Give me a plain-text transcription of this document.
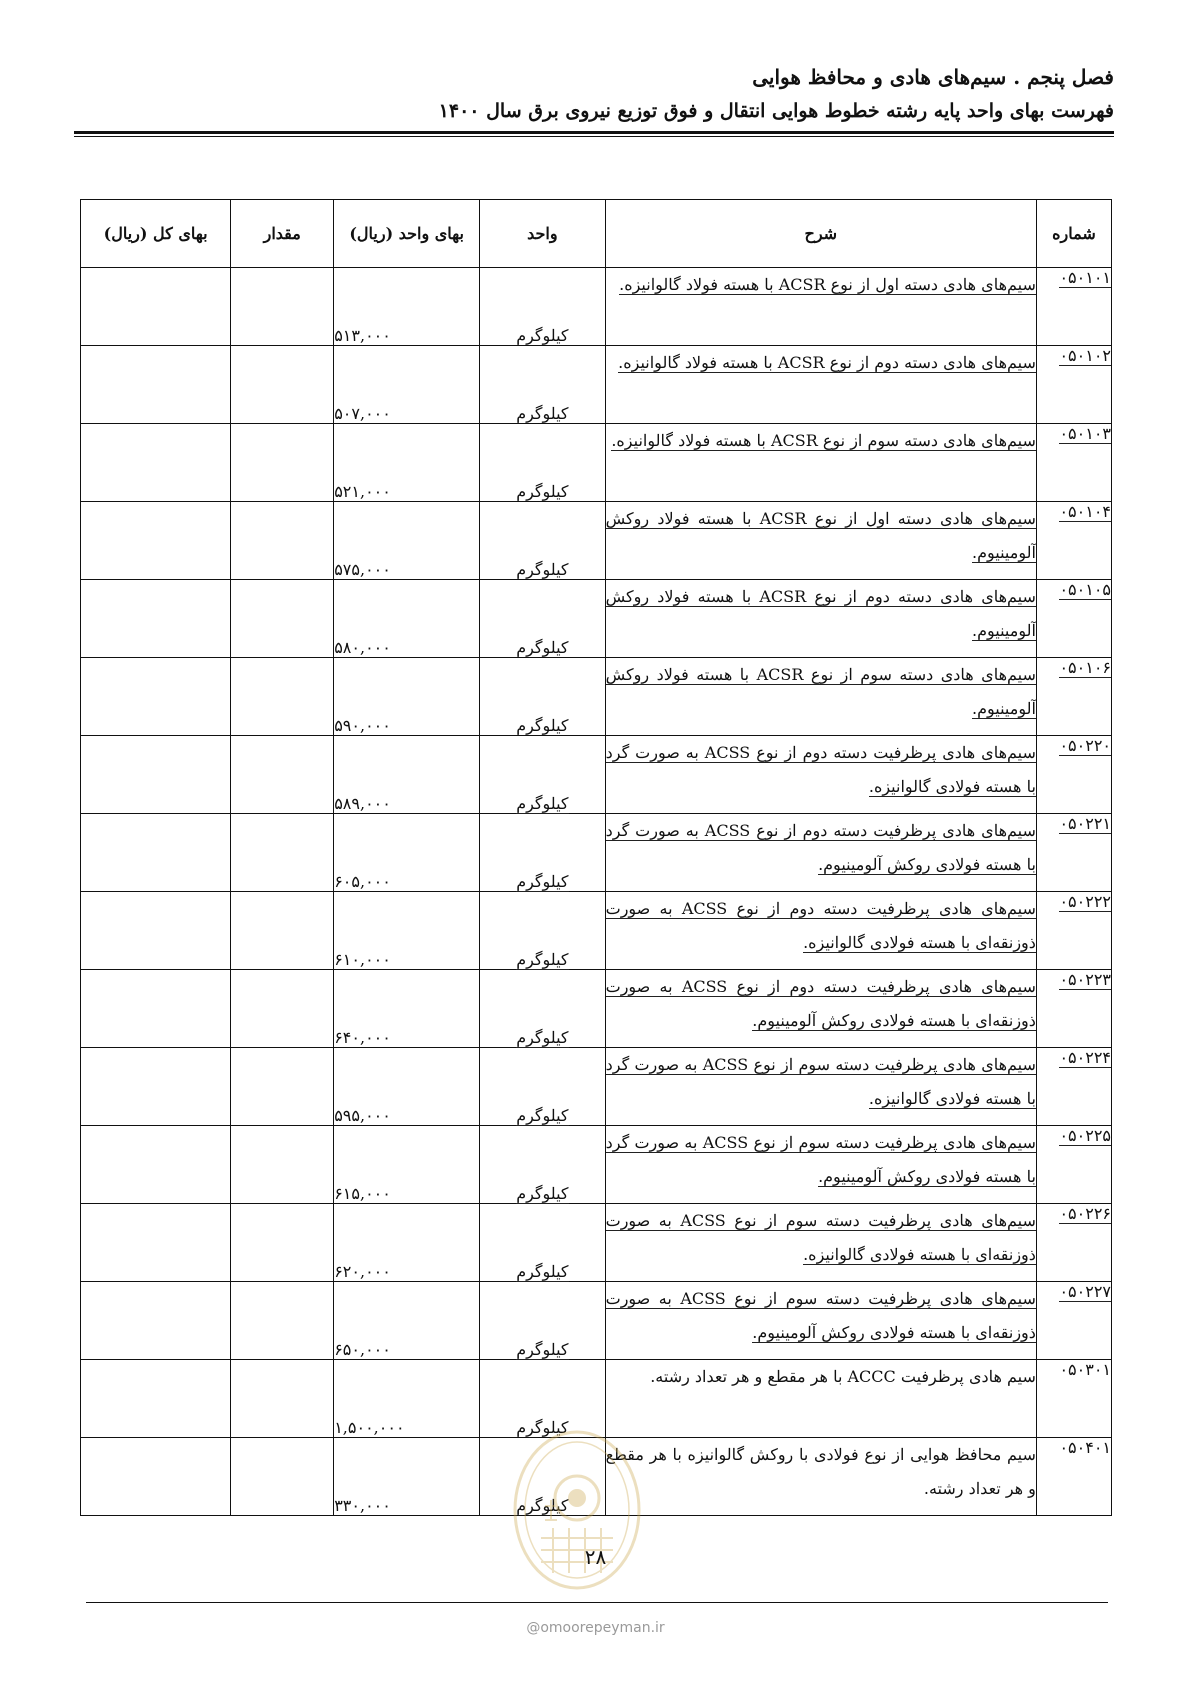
فصل پنجم . سیم‌های هادی و محافظ هوایی
فهرست بهای واحد پایه رشته خطوط هوایی انتقال و فوق توزیع نیروی برق سال ۱۴۰۰
شماره	شرح	واحد	بهای واحد (ریال)	مقدار	بهای کل (ریال)
۰۵۰۱۰۱	سیم‌های هادی دسته اول از نوع ACSR با هسته فولاد گالوانیزه.	کیلوگرم	۵۱۳,۰۰۰		
۰۵۰۱۰۲	سیم‌های هادی دسته دوم از نوع ACSR با هسته فولاد گالوانیزه.	کیلوگرم	۵۰۷,۰۰۰		
۰۵۰۱۰۳	سیم‌های هادی دسته سوم از نوع ACSR با هسته فولاد گالوانیزه.	کیلوگرم	۵۲۱,۰۰۰		
۰۵۰۱۰۴	سیم‌های هادی دسته اول از نوع ACSR با هسته فولاد روکش آلومینیوم.	کیلوگرم	۵۷۵,۰۰۰		
۰۵۰۱۰۵	سیم‌های هادی دسته دوم از نوع ACSR با هسته فولاد روکش آلومینیوم.	کیلوگرم	۵۸۰,۰۰۰		
۰۵۰۱۰۶	سیم‌های هادی دسته سوم از نوع ACSR با هسته فولاد روکش آلومینیوم.	کیلوگرم	۵۹۰,۰۰۰		
۰۵۰۲۲۰	سیم‌های هادی پرظرفیت دسته دوم از نوع ACSS به صورت گرد با هسته فولادی گالوانیزه.	کیلوگرم	۵۸۹,۰۰۰		
۰۵۰۲۲۱	سیم‌های هادی پرظرفیت دسته دوم از نوع ACSS به صورت گرد با هسته فولادی روکش آلومینیوم.	کیلوگرم	۶۰۵,۰۰۰		
۰۵۰۲۲۲	سیم‌های هادی پرظرفیت دسته دوم از نوع ACSS به صورت ذوزنقه‌ای با هسته فولادی گالوانیزه.	کیلوگرم	۶۱۰,۰۰۰		
۰۵۰۲۲۳	سیم‌های هادی پرظرفیت دسته دوم از نوع ACSS به صورت ذوزنقه‌ای با هسته فولادی روکش آلومینیوم.	کیلوگرم	۶۴۰,۰۰۰		
۰۵۰۲۲۴	سیم‌های هادی پرظرفیت دسته سوم از نوع ACSS به صورت گرد با هسته فولادی گالوانیزه.	کیلوگرم	۵۹۵,۰۰۰		
۰۵۰۲۲۵	سیم‌های هادی پرظرفیت دسته سوم از نوع ACSS به صورت گرد با هسته فولادی روکش آلومینیوم.	کیلوگرم	۶۱۵,۰۰۰		
۰۵۰۲۲۶	سیم‌های هادی پرظرفیت دسته سوم از نوع ACSS به صورت ذوزنقه‌ای با هسته فولادی گالوانیزه.	کیلوگرم	۶۲۰,۰۰۰		
۰۵۰۲۲۷	سیم‌های هادی پرظرفیت دسته سوم از نوع ACSS به صورت ذوزنقه‌ای با هسته فولادی روکش آلومینیوم.	کیلوگرم	۶۵۰,۰۰۰		
۰۵۰۳۰۱	سیم هادی پرظرفیت ACCC با هر مقطع و هر تعداد رشته.	کیلوگرم	۱,۵۰۰,۰۰۰		
۰۵۰۴۰۱	سیم محافظ هوایی از نوع فولادی با روکش گالوانیزه با هر مقطع و هر تعداد رشته.	کیلوگرم	۳۳۰,۰۰۰		
۲۸
@omoorepeyman.ir
